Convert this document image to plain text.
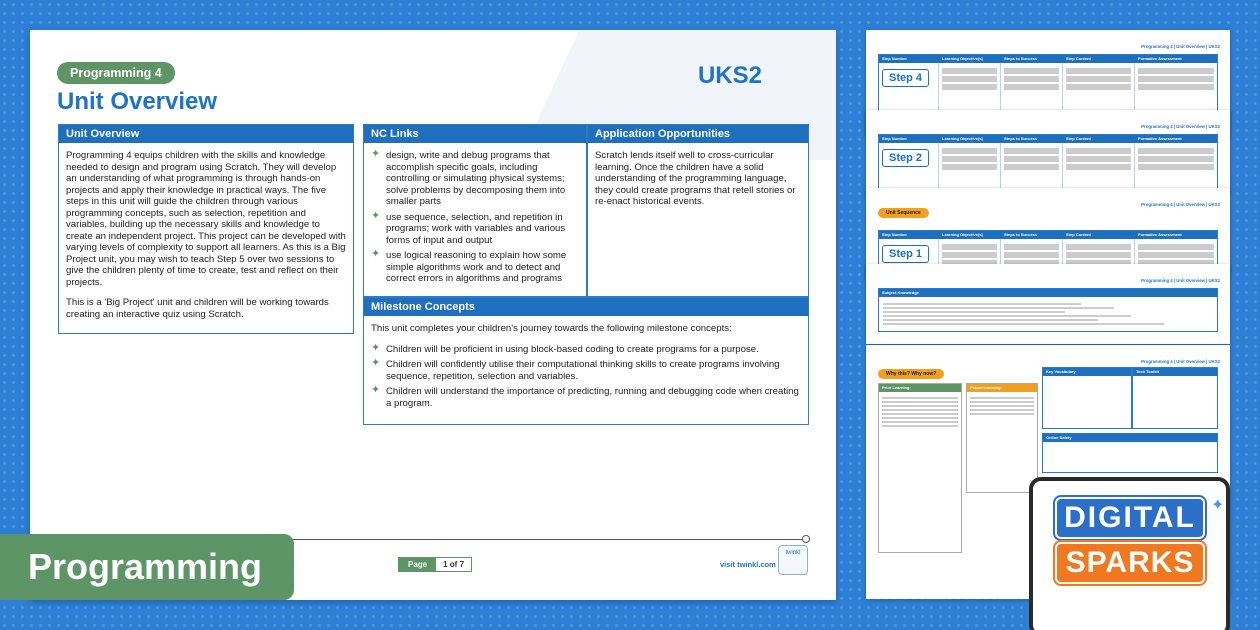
Programming 4
Unit Overview
UKS2
Unit Overview

Programming 4 equips children with the skills and knowledge needed to design and program using Scratch. They will develop an understanding of what programming is through hands-on projects and apply their knowledge in practical ways. The five steps in this unit will guide the children through various programming concepts, such as selection, repetition and variables, building up the necessary skills and knowledge to create an independent project. This project can be developed with varying levels of complexity to support all learners. As this is a Big Project unit, you may wish to teach Step 5 over two sessions to give the children plenty of time to create, test and reflect on their projects.

This is a 'Big Project' unit and children will be working towards creating an interactive quiz using Scratch.

NC Links
✦ design, write and debug programs that accomplish specific goals, including controlling or simulating physical systems; solve problems by decomposing them into smaller parts
✦ use sequence, selection, and repetition in programs; work with variables and various forms of input and output
✦ use logical reasoning to explain how some simple algorithms work and to detect and correct errors in algorithms and programs
Application Opportunities

Scratch lends itself well to cross-curricular learning. Once the children have a solid understanding of the programming language, they could create programs that retell stories or re-enact historical events.

Milestone Concepts

This unit completes your children's journey towards the following milestone concepts:

✦ Children will be proficient in using block-based coding to create programs for a purpose.
✦ Children will confidently utilise their computational thinking skills to create programs involving sequence, repetition, selection and variables.
✦ Children will understand the importance of predicting, running and debugging code when creating a program.
Page	1 of 7	visit twinkl.com
twinkl
Programming
Programming 4 | Unit Overview | UKS2
Step Number	Learning Objective(s)	Steps to Success	Step Content	Formative Assessment
Step 4
Programming 4 | Unit Overview | UKS2
Step Number	Learning Objective(s)	Steps to Success	Step Content	Formative Assessment
Step 2
Programming 4 | Unit Overview | UKS2
Unit Sequence
Step Number	Learning Objective(s)	Steps to Success	Step Content	Formative Assessment
Step 1
Programming 4 | Unit Overview | UKS2
Subject Knowledge
Programming 4 | Unit Overview | UKS2
Why this? Why now?
Prior Learning:	Future Learning:
Key Vocabulary	Tech Toolkit
Online Safety
DIGITAL
SPARKS
✦
